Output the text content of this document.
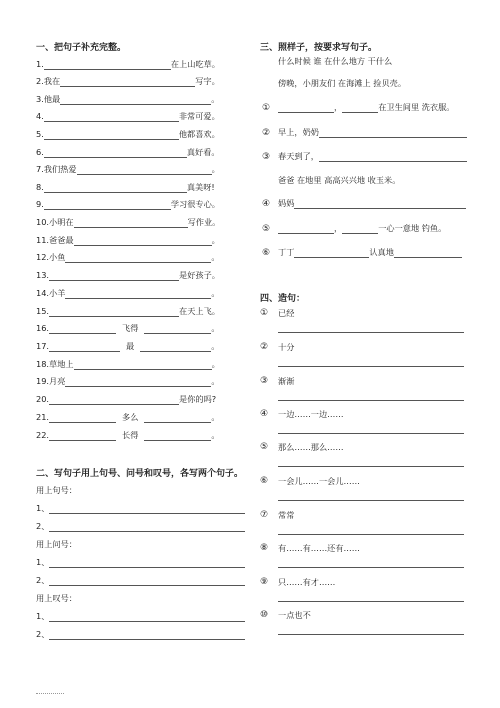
一、把句子补充完整。
1.	在上山吃草。
2.我在	写字。
3.他最	。
4.	非常可爱。
5.	他都喜欢。
6.	真好看。
7.我们热爱	。
8.	真美呀!
9.	学习很专心。
10.小明在	写作业。
11.爸爸最	。
12.小鱼	。
13.	是好孩子。
14.小羊	。
15.	在天上飞。
16.	飞得	。
17.	最	。
18.草地上	。
19.月亮	。
20.	是你的吗?
21.	多么	。
22.	长得	。
二、写句子用上句号、问号和叹号，各写两个句子。
用上句号：
1、
2、
用上问号：
1、
2、
用上叹号：
1、
2、
三、照样子，按要求写句子。
什么时候 谁 在什么地方 干什么
傍晚，小朋友们 在海滩上 捡贝壳。
①	，	在卫生间里 洗衣服。
② 早上，奶奶
③ 春天到了，
爸爸 在地里 高高兴兴地 收玉米。
④ 妈妈
⑤	，	一心一意地 钓鱼。
⑥ 丁丁	认真地
四、造句：
① 已经
② 十分
③ 渐渐
④ 一边……一边……
⑤ 那么……那么……
⑥ 一会儿……一会儿……
⑦ 常常
⑧ 有……有……还有……
⑨ 只……有才……
⑩ 一点也不
